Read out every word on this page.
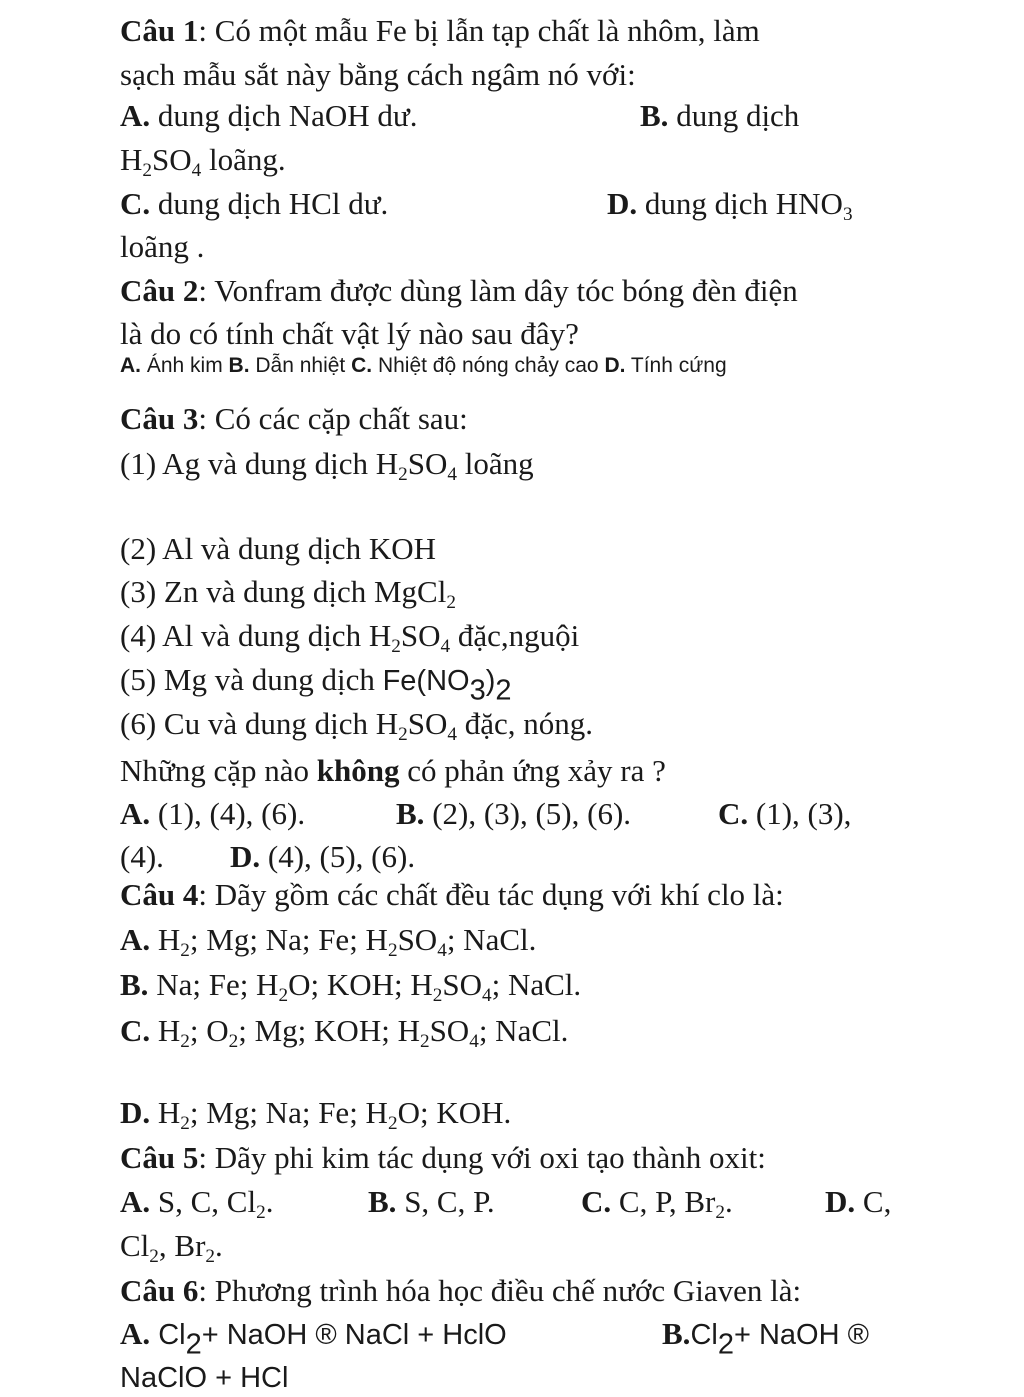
Câu 1: Có một mẫu Fe bị lẫn tạp chất là nhôm, làm
sạch mẫu sắt này bằng cách ngâm nó với:
A. dung dịch NaOH dư.	B. dung dịch
$H_2SO_4$ loãng.
C. dung dịch HCl dư.	D. dung dịch $HNO_3$
loãng .
Câu 2: Vonfram được dùng làm dây tóc bóng đèn điện
là do có tính chất vật lý nào sau đây?
A. Ánh kim B. Dẫn nhiệt C. Nhiệt độ nóng chảy cao D. Tính cứng
Câu 3: Có các cặp chất sau:
(1) Ag và dung dịch $H_2SO_4$ loãng
(2) Al và dung dịch KOH
(3) Zn và dung dịch MgCl$_2$
(4) Al và dung dịch $H_2SO_4$ đặc,nguội
(5) Mg và dung dịch $Fe(NO_3)_2$
(6) Cu và dung dịch $H_2SO_4$ đặc, nóng.
Những cặp nào không có phản ứng xảy ra ?
A. (1), (4), (6).	B. (2), (3), (5), (6).	C. (1), (3),
(4). D. (4), (5), (6).
Câu 4: Dãy gồm các chất đều tác dụng với khí clo là:
A. $H_2$; Mg; Na; Fe; $H_2SO_4$; NaCl.
B. Na; Fe; $H_2O$; KOH; $H_2SO_4$; NaCl.
C. $H_2$; $O_2$; Mg; KOH; $H_2SO_4$; NaCl.
D. $H_2$; Mg; Na; Fe; $H_2O$; KOH.
Câu 5: Dãy phi kim tác dụng với oxi tạo thành oxit:
A. S, C, $Cl_2$.	B. S, C, P.	C. C, P, $Br_2$.	D. C,
$Cl_2$, $Br_2$.
Câu 6: Phương trình hóa học điều chế nước Giaven là:
A. $Cl_2+$ NaOH ® NaCl + HclO	$B.Cl_2+$ NaOH ®
NaClO + HCl
